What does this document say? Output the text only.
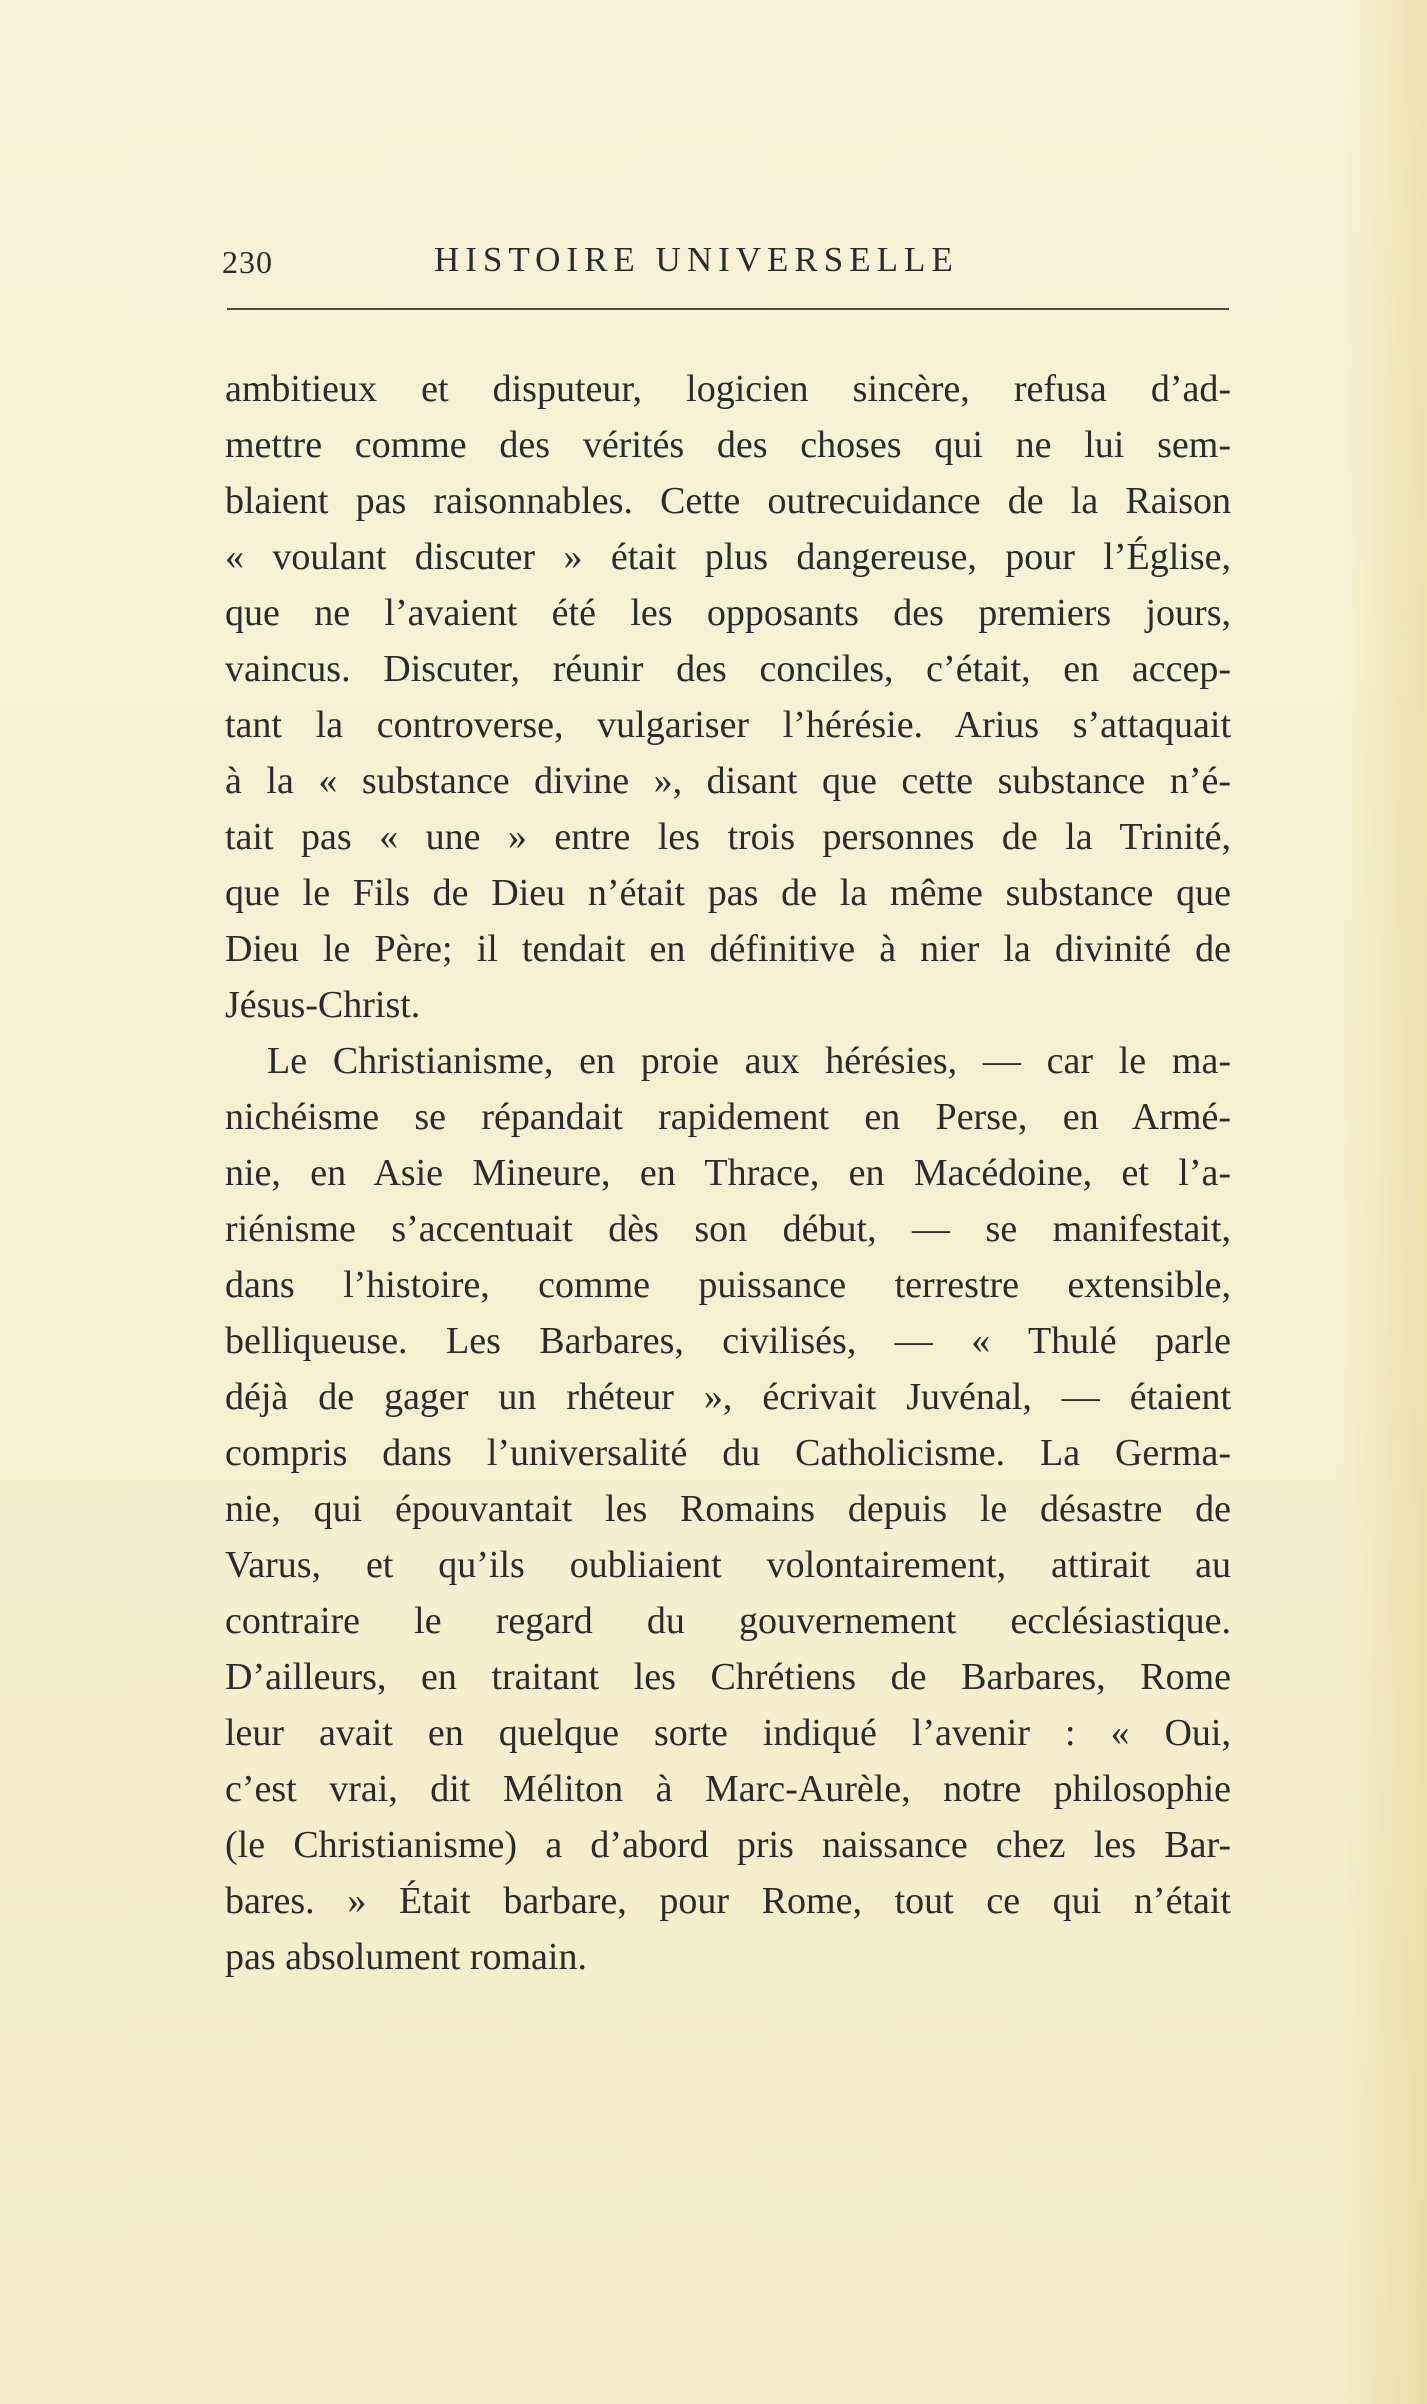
230	HISTOIRE UNIVERSELLE
ambitieux et disputeur, logicien sincère, refusa d’ad-
mettre comme des vérités des choses qui ne lui sem-
blaient pas raisonnables. Cette outrecuidance de la Raison
« voulant discuter » était plus dangereuse, pour l’Église,
que ne l’avaient été les opposants des premiers jours,
vaincus. Discuter, réunir des conciles, c’était, en accep-
tant la controverse, vulgariser l’hérésie. Arius s’attaquait
à la « substance divine », disant que cette substance n’é-
tait pas « une » entre les trois personnes de la Trinité,
que le Fils de Dieu n’était pas de la même substance que
Dieu le Père; il tendait en définitive à nier la divinité de
Jésus-Christ.
Le Christianisme, en proie aux hérésies, — car le ma-
nichéisme se répandait rapidement en Perse, en Armé-
nie, en Asie Mineure, en Thrace, en Macédoine, et l’a-
riénisme s’accentuait dès son début, — se manifestait,
dans l’histoire, comme puissance terrestre extensible,
belliqueuse. Les Barbares, civilisés, — « Thulé parle
déjà de gager un rhéteur », écrivait Juvénal, — étaient
compris dans l’universalité du Catholicisme. La Germa-
nie, qui épouvantait les Romains depuis le désastre de
Varus, et qu’ils oubliaient volontairement, attirait au
contraire le regard du gouvernement ecclésiastique.
D’ailleurs, en traitant les Chrétiens de Barbares, Rome
leur avait en quelque sorte indiqué l’avenir : « Oui,
c’est vrai, dit Méliton à Marc-Aurèle, notre philosophie
(le Christianisme) a d’abord pris naissance chez les Bar-
bares. » Était barbare, pour Rome, tout ce qui n’était
pas absolument romain.
